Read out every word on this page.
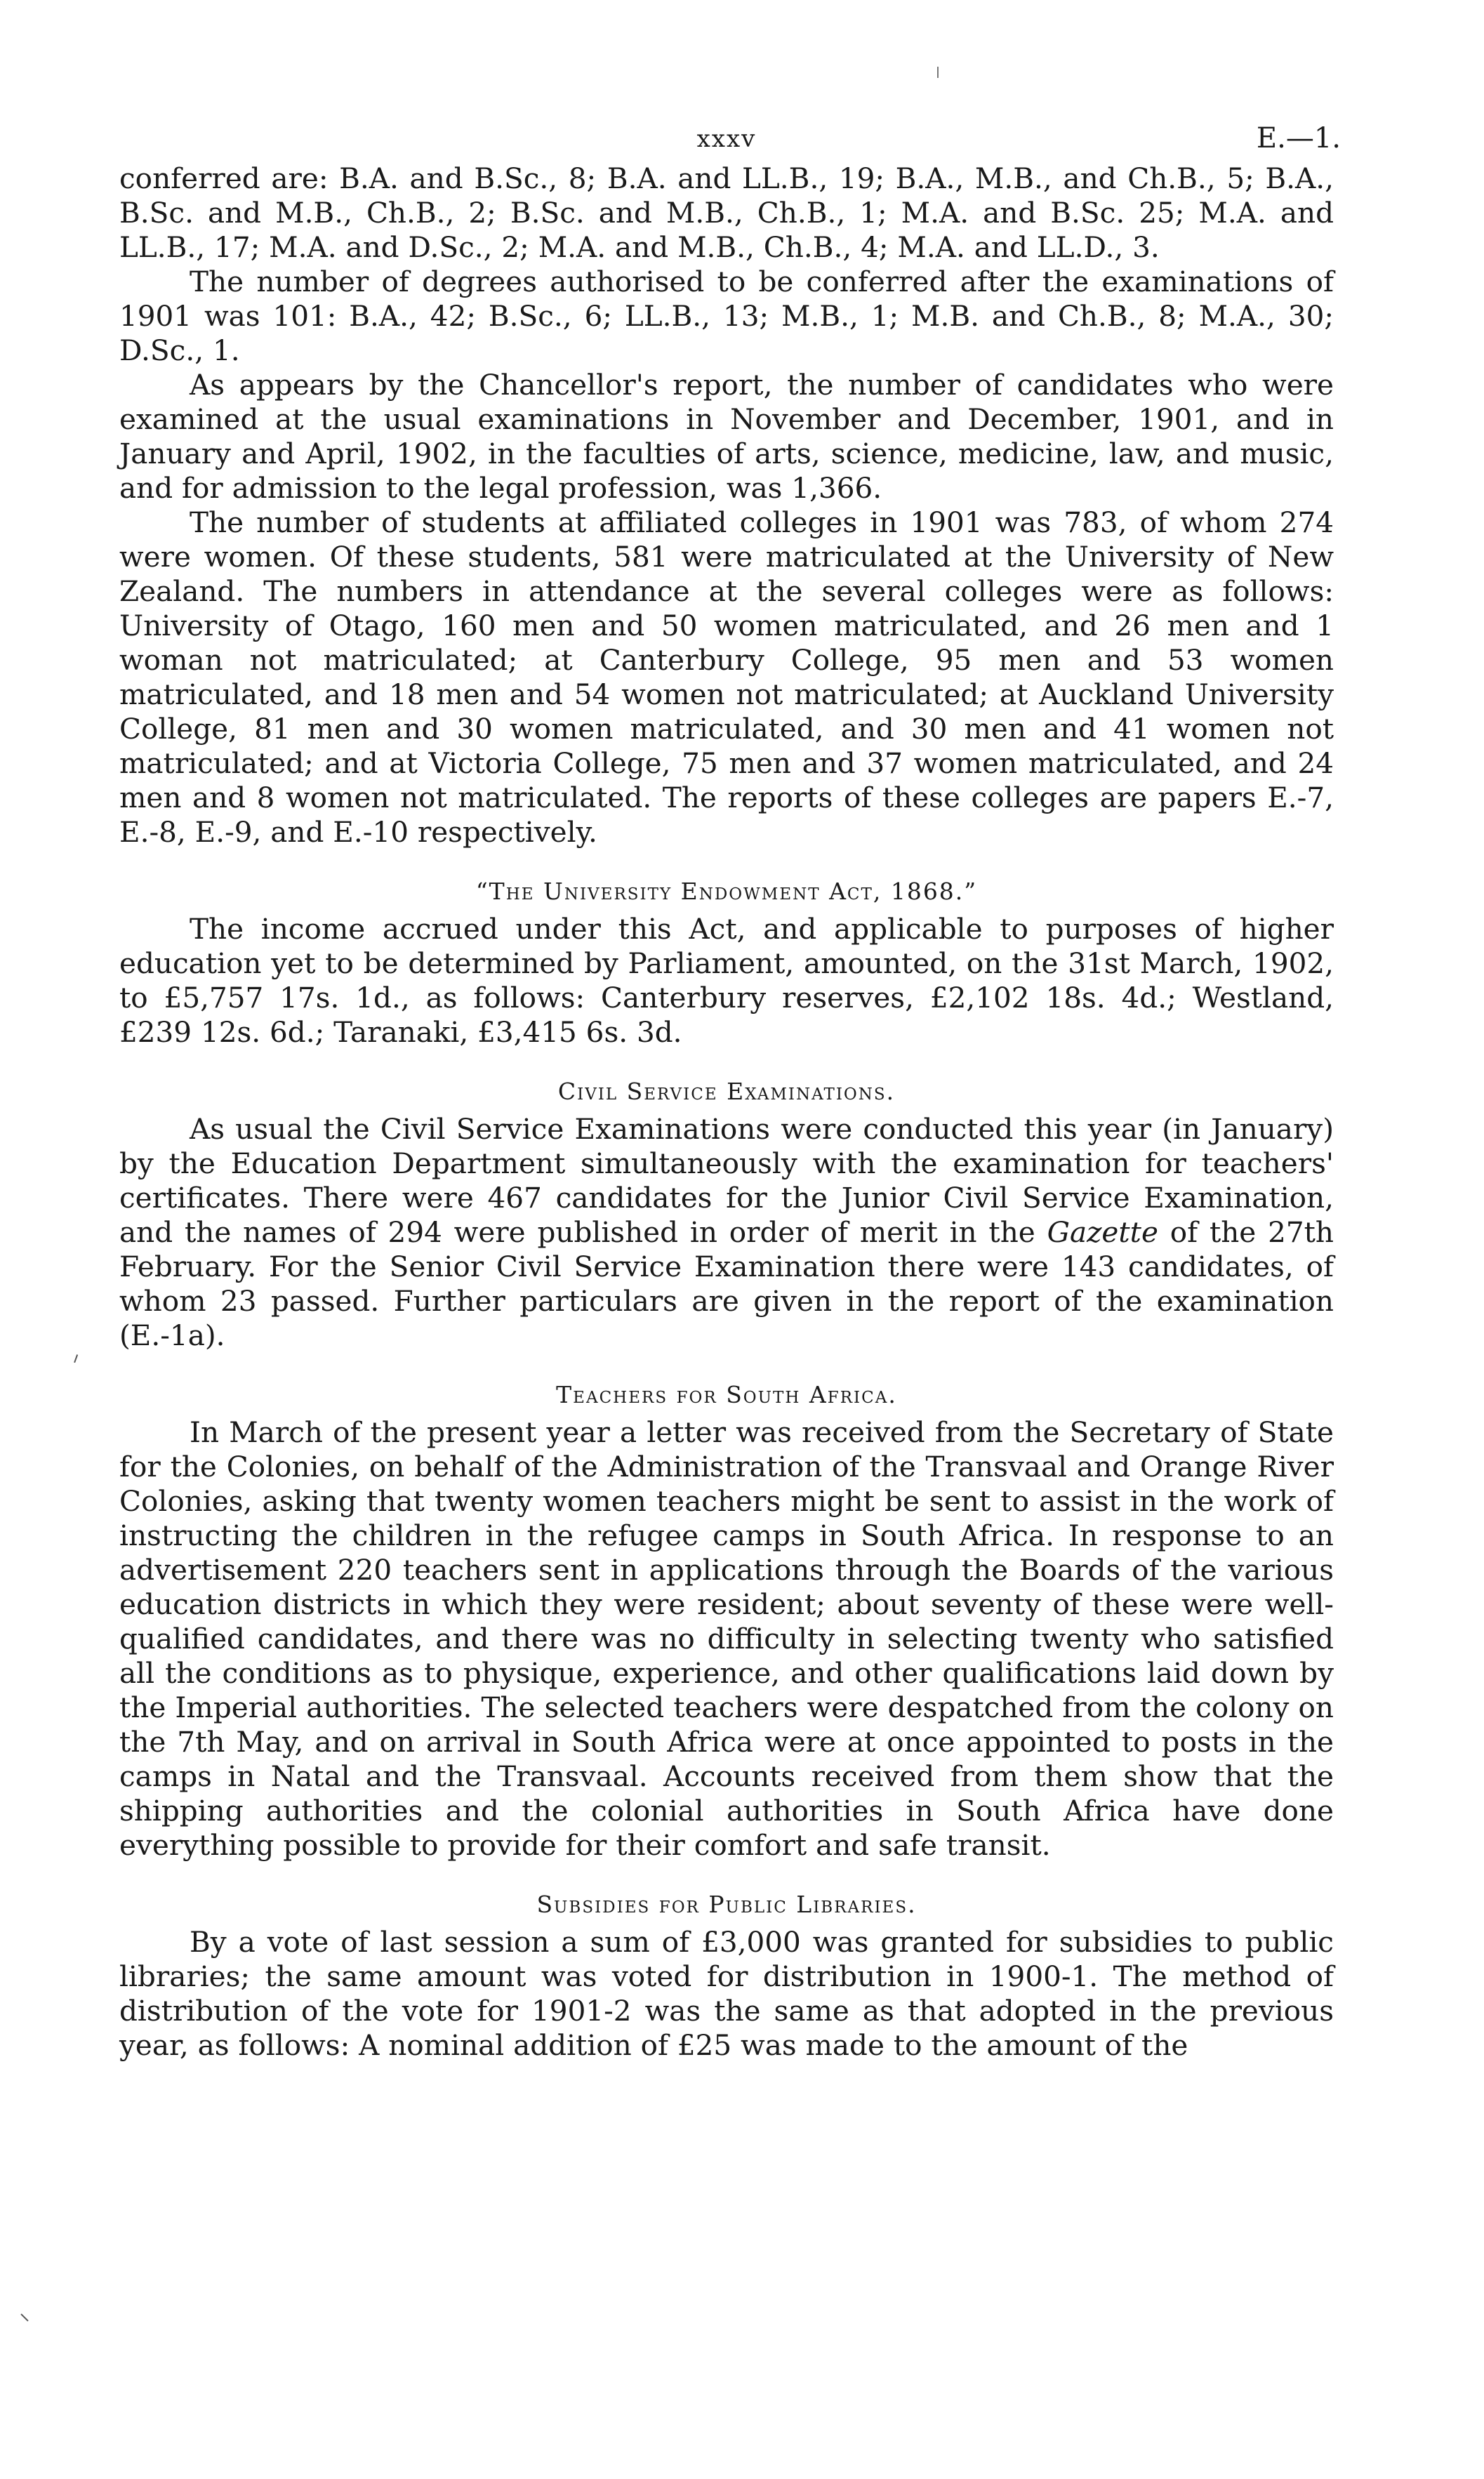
xxxv	E.—1.

conferred are: B.A. and B.Sc., 8; B.A. and LL.B., 19; B.A., M.B., and Ch.B., 5; B.A., B.Sc. and M.B., Ch.B., 2; B.Sc. and M.B., Ch.B., 1; M.A. and B.Sc. 25; M.A. and LL.B., 17; M.A. and D.Sc., 2; M.A. and M.B., Ch.B., 4; M.A. and LL.D., 3.

The number of degrees authorised to be conferred after the examinations of 1901 was 101: B.A., 42; B.Sc., 6; LL.B., 13; M.B., 1; M.B. and Ch.B., 8; M.A., 30; D.Sc., 1.

As appears by the Chancellor's report, the number of candidates who were examined at the usual examinations in November and December, 1901, and in January and April, 1902, in the faculties of arts, science, medicine, law, and music, and for admission to the legal profession, was 1,366.

The number of students at affiliated colleges in 1901 was 783, of whom 274 were women. Of these students, 581 were matriculated at the University of New Zealand. The numbers in attendance at the several colleges were as follows: University of Otago, 160 men and 50 women matriculated, and 26 men and 1 woman not matriculated; at Canterbury College, 95 men and 53 women matriculated, and 18 men and 54 women not matriculated; at Auckland University College, 81 men and 30 women matriculated, and 30 men and 41 women not matriculated; and at Victoria College, 75 men and 37 women matriculated, and 24 men and 8 women not matriculated. The reports of these colleges are papers E.-7, E.-8, E.-9, and E.-10 respectively.

“The University Endowment Act, 1868.”

The income accrued under this Act, and applicable to purposes of higher education yet to be determined by Parliament, amounted, on the 31st March, 1902, to £5,757 17s. 1d., as follows: Canterbury reserves, £2,102 18s. 4d.; Westland, £239 12s. 6d.; Taranaki, £3,415 6s. 3d.

Civil Service Examinations.

As usual the Civil Service Examinations were conducted this year (in January) by the Education Department simultaneously with the examination for teachers' certificates. There were 467 candidates for the Junior Civil Service Examination, and the names of 294 were published in order of merit in the Gazette of the 27th February. For the Senior Civil Service Examination there were 143 candidates, of whom 23 passed. Further particulars are given in the report of the examination (E.-1a).

Teachers for South Africa.

In March of the present year a letter was received from the Secretary of State for the Colonies, on behalf of the Administration of the Transvaal and Orange River Colonies, asking that twenty women teachers might be sent to assist in the work of instructing the children in the refugee camps in South Africa. In response to an advertisement 220 teachers sent in applications through the Boards of the various education districts in which they were resident; about seventy of these were well-qualified candidates, and there was no difficulty in selecting twenty who satisfied all the conditions as to physique, experience, and other qualifications laid down by the Imperial authorities. The selected teachers were despatched from the colony on the 7th May, and on arrival in South Africa were at once appointed to posts in the camps in Natal and the Transvaal. Accounts received from them show that the shipping authorities and the colonial authorities in South Africa have done everything possible to provide for their comfort and safe transit.

Subsidies for Public Libraries.

By a vote of last session a sum of £3,000 was granted for subsidies to public libraries; the same amount was voted for distribution in 1900-1. The method of distribution of the vote for 1901-2 was the same as that adopted in the previous year, as follows: A nominal addition of £25 was made to the amount of the
